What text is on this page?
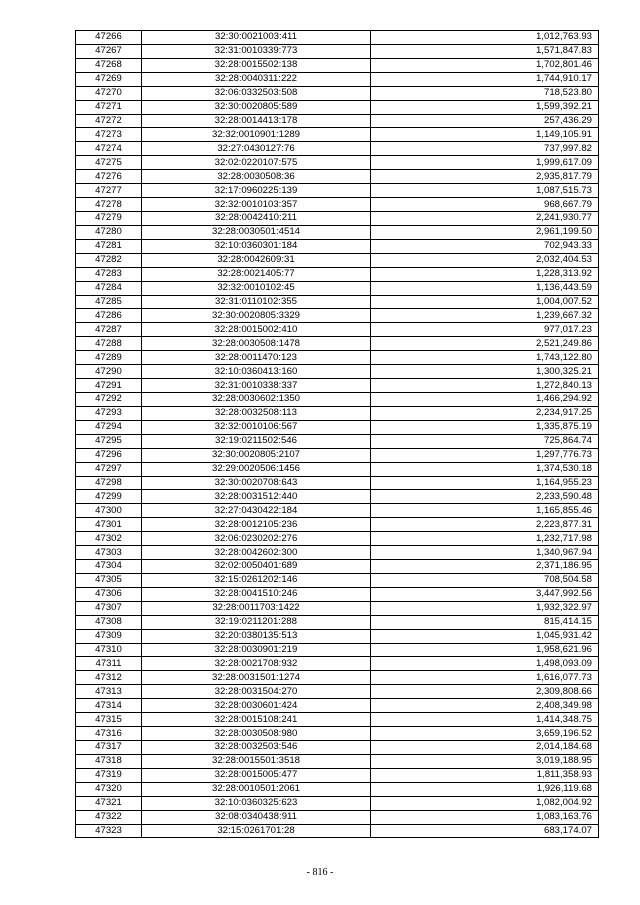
47266	32:30:0021003:411	1,012,763.93
47267	32:31:0010339:773	1,571,847.83
47268	32:28:0015502:138	1,702,801.46
47269	32:28:0040311:222	1,744,910.17
47270	32:06:0332503:508	718,523.80
47271	32:30:0020805:589	1,599,392.21
47272	32:28:0014413:178	257,436.29
47273	32:32:0010901:1289	1,149,105.91
47274	32:27:0430127:76	737,997.82
47275	32:02:0220107:575	1,999,617.09
47276	32:28:0030508:36	2,935,817.79
47277	32:17:0960225:139	1,087,515.73
47278	32:32:0010103:357	968,667.79
47279	32:28:0042410:211	2,241,930.77
47280	32:28:0030501:4514	2,961,199.50
47281	32:10:0360301:184	702,943.33
47282	32:28:0042609:31	2,032,404.53
47283	32:28:0021405:77	1,228,313.92
47284	32:32:0010102:45	1,136,443.59
47285	32:31:0110102:355	1,004,007.52
47286	32:30:0020805:3329	1,239,667.32
47287	32:28:0015002:410	977,017.23
47288	32:28:0030508:1478	2,521,249.86
47289	32:28:0011470:123	1,743,122.80
47290	32:10:0360413:160	1,300,325.21
47291	32:31:0010338:337	1,272,840.13
47292	32:28:0030602:1350	1,466,294.92
47293	32:28:0032508:113	2,234,917.25
47294	32:32:0010106:567	1,335,875.19
47295	32:19:0211502:546	725,864.74
47296	32:30:0020805:2107	1,297,776.73
47297	32:29:0020506:1456	1,374,530.18
47298	32:30:0020708:643	1,164,955.23
47299	32:28:0031512:440	2,233,590.48
47300	32:27:0430422:184	1,165,855.46
47301	32:28:0012105:236	2,223,877.31
47302	32:06:0230202:276	1,232,717.98
47303	32:28:0042602:300	1,340,967.94
47304	32:02:0050401:689	2,371,186.95
47305	32:15:0261202:146	708,504.58
47306	32:28:0041510:246	3,447,992.56
47307	32:28:0011703:1422	1,932,322.97
47308	32:19:0211201:288	815,414.15
47309	32:20:0380135:513	1,045,931.42
47310	32:28:0030901:219	1,958,621.96
47311	32:28:0021708:932	1,498,093.09
47312	32:28:0031501:1274	1,616,077.73
47313	32:28:0031504:270	2,309,808.66
47314	32:28:0030601:424	2,408,349.98
47315	32:28:0015108:241	1,414,348.75
47316	32:28:0030508:980	3,659,196.52
47317	32:28:0032503:546	2,014,184.68
47318	32:28:0015501:3518	3,019,188.95
47319	32:28:0015005:477	1,811,358.93
47320	32:28:0010501:2061	1,926,119.68
47321	32:10:0360325:623	1,082,004.92
47322	32:08:0340438:911	1,083,163.76
47323	32:15:0261701:28	683,174.07
- 816 -
